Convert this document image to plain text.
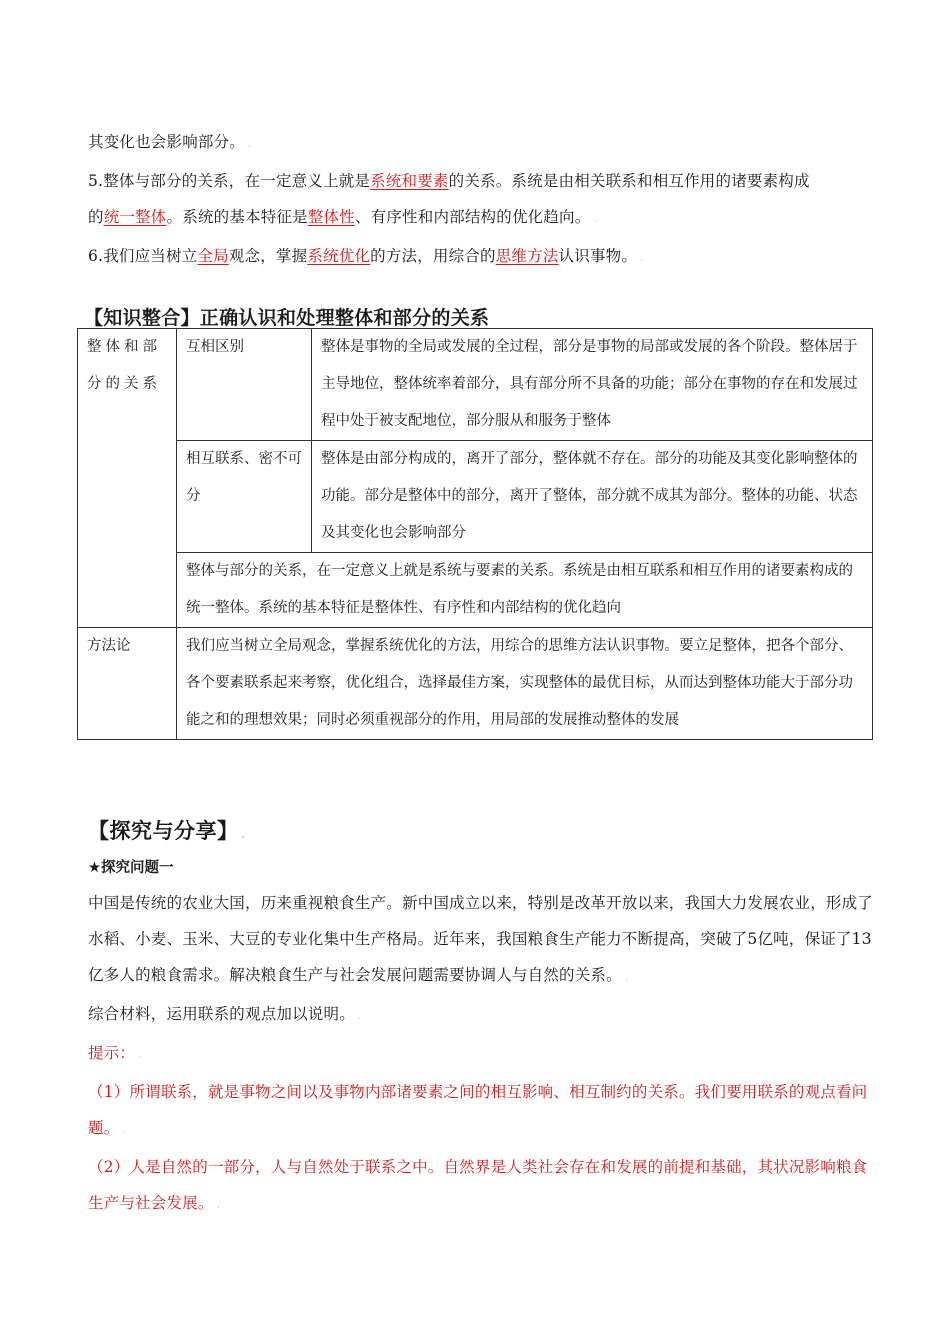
其变化也会影响部分。 .

5.整体与部分的关系，在一定意义上就是系统和要素的关系。系统是由相关联系和相互作用的诸要素构成
的统一整体。系统的基本特征是整体性、有序性和内部结构的优化趋向。 .

6.我们应当树立全局观念，掌握系统优化的方法，用综合的思维方法认识事物。 .

【知识整合】正确认识和处理整体和部分的关系
整体和部分的关系	互相区别	整体是事物的全局或发展的全过程，部分是事物的局部或发展的各个阶段。整体居于主导地位，整体统率着部分，具有部分所不具备的功能；部分在事物的存在和发展过程中处于被支配地位，部分服从和服务于整体
	相互联系、密不可分	整体是由部分构成的，离开了部分，整体就不存在。部分的功能及其变化影响整体的功能。部分是整体中的部分，离开了整体，部分就不成其为部分。整体的功能、状态及其变化也会影响部分
	整体与部分的关系，在一定意义上就是系统与要素的关系。系统是由相互联系和相互作用的诸要素构成的统一整体。系统的基本特征是整体性、有序性和内部结构的优化趋向	
方法论	我们应当树立全局观念，掌握系统优化的方法，用综合的思维方法认识事物。要立足整体，把各个部分、各个要素联系起来考察，优化组合，选择最佳方案，实现整体的最优目标，从而达到整体功能大于部分功能之和的理想效果；同时必须重视部分的作用，用局部的发展推动整体的发展	
【探究与分享】 .

★探究问题一

中国是传统的农业大国，历来重视粮食生产。新中国成立以来，特别是改革开放以来，我国大力发展农业，形成了水稻、小麦、玉米、大豆的专业化集中生产格局。近年来，我国粮食生产能力不断提高，突破了5亿吨，保证了13亿多人的粮食需求。解决粮食生产与社会发展问题需要协调人与自然的关系。 .

综合材料，运用联系的观点加以说明。 .

提示： .

（1）所谓联系，就是事物之间以及事物内部诸要素之间的相互影响、相互制约的关系。我们要用联系的观点看问题。 .

（2）人是自然的一部分，人与自然处于联系之中。自然界是人类社会存在和发展的前提和基础，其状况影响粮食生产与社会发展。 .
